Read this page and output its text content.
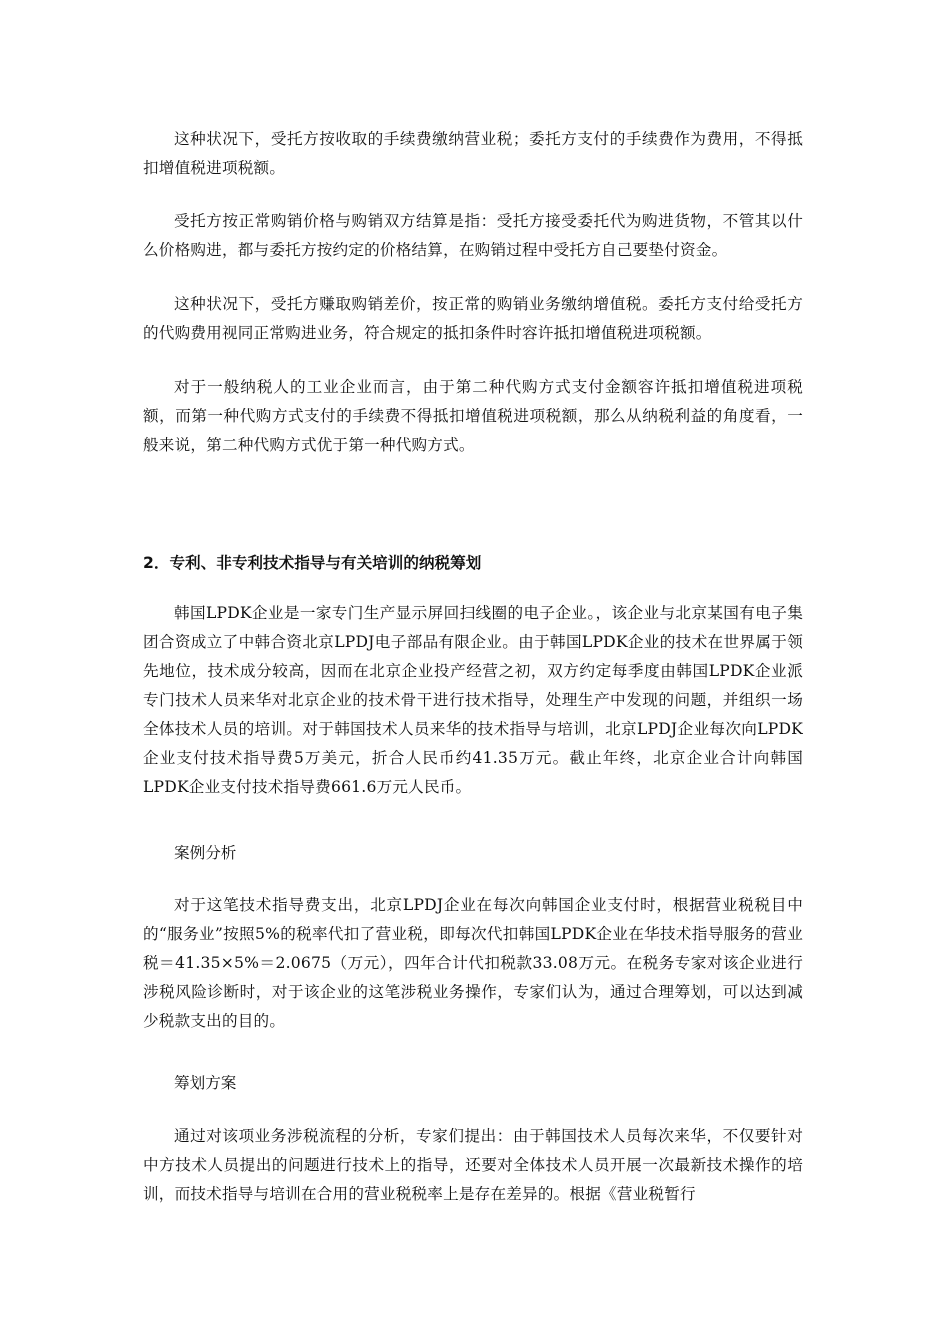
这种状况下，受托方按收取的手续费缴纳营业税；委托方支付的手续费作为费用，不得抵扣增值税进项税额。

受托方按正常购销价格与购销双方结算是指：受托方接受委托代为购进货物，不管其以什么价格购进，都与委托方按约定的价格结算，在购销过程中受托方自己要垫付资金。

这种状况下，受托方赚取购销差价，按正常的购销业务缴纳增值税。委托方支付给受托方的代购费用视同正常购进业务，符合规定的抵扣条件时容许抵扣增值税进项税额。

对于一般纳税人的工业企业而言，由于第二种代购方式支付金额容许抵扣增值税进项税额，而第一种代购方式支付的手续费不得抵扣增值税进项税额，那么从纳税利益的角度看，一般来说，第二种代购方式优于第一种代购方式。

2．专利、非专利技术指导与有关培训的纳税筹划

韩国LPDK企业是一家专门生产显示屏回扫线圈的电子企业。，该企业与北京某国有电子集团合资成立了中韩合资北京LPDJ电子部品有限企业。由于韩国LPDK企业的技术在世界属于领先地位，技术成分较高，因而在北京企业投产经营之初，双方约定每季度由韩国LPDK企业派专门技术人员来华对北京企业的技术骨干进行技术指导，处理生产中发现的问题，并组织一场全体技术人员的培训。对于韩国技术人员来华的技术指导与培训，北京LPDJ企业每次向LPDK企业支付技术指导费5万美元，折合人民币约41.35万元。截止年终，北京企业合计向韩国LPDK企业支付技术指导费661.6万元人民币。

案例分析

对于这笔技术指导费支出，北京LPDJ企业在每次向韩国企业支付时，根据营业税税目中的“服务业”按照5%的税率代扣了营业税，即每次代扣韩国LPDK企业在华技术指导服务的营业税＝41.35×5%＝2.0675（万元），四年合计代扣税款33.08万元。在税务专家对该企业进行涉税风险诊断时，对于该企业的这笔涉税业务操作，专家们认为，通过合理筹划，可以达到减少税款支出的目的。

筹划方案

通过对该项业务涉税流程的分析，专家们提出：由于韩国技术人员每次来华，不仅要针对中方技术人员提出的问题进行技术上的指导，还要对全体技术人员开展一次最新技术操作的培训，而技术指导与培训在合用的营业税税率上是存在差异的。根据《营业税暂行
